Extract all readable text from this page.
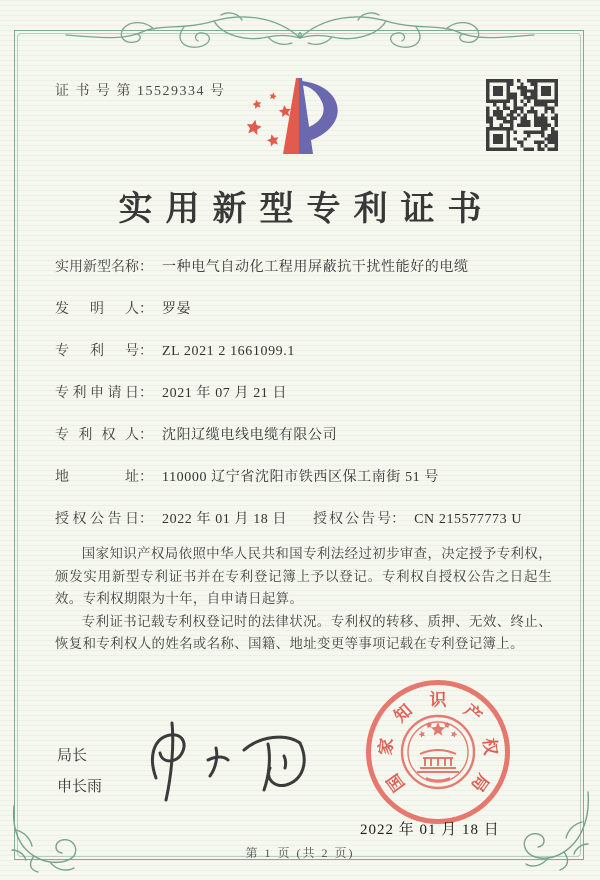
证 书 号 第 15529334 号
实用新型专利证书
实用新型名称 ： 一种电气自动化工程用屏蔽抗干扰性能好的电缆
发明人 ： 罗晏
专利号 ： ZL 2021 2 1661099.1
专利申请日 ： 2021 年 07 月 21 日
专利权人 ： 沈阳辽缆电线电缆有限公司
地址 ： 110000 辽宁省沈阳市铁西区保工南街 51 号
授权公告日 ： 2022 年 01 月 18 日 授权公告号 ： CN 215577773 U

国家知识产权局依照中华人民共和国专利法经过初步审查，决定授予专利权，颁发实用新型专利证书并在专利登记簿上予以登记。专利权自授权公告之日起生效。专利权期限为十年，自申请日起算。

专利证书记载专利权登记时的法律状况。专利权的转移、质押、无效、终止、恢复和专利权人的姓名或名称、国籍、地址变更等事项记载在专利登记簿上。

局长
申长雨	国
家
知
识
产
权
局
2022 年 01 月 18 日
第 1 页 (共 2 页)
